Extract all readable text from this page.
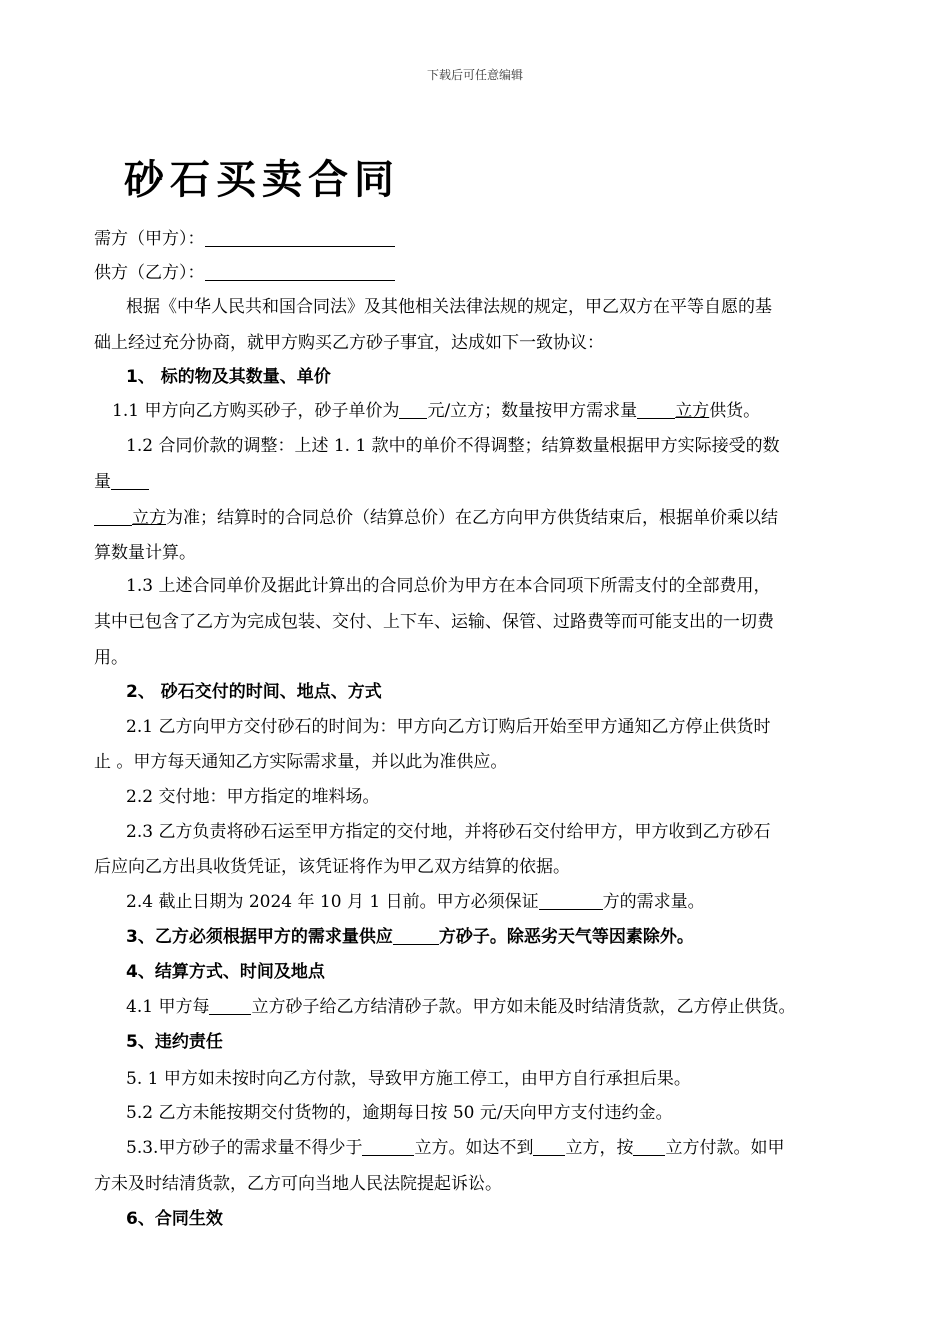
下载后可任意编辑
砂石买卖合同
需方（甲方）：
供方（乙方）：
根据《中华人民共和国合同法》及其他相关法律法规的规定，甲乙双方在平等自愿的基
础上经过充分协商，就甲方购买乙方砂子事宜，达成如下一致协议：
1、 标的物及其数量、单价
1.1 甲方向乙方购买砂子，砂子单价为 元/立方；数量按甲方需求量 立方供货。
1.2 合同价款的调整：上述 1. 1 款中的单价不得调整；结算数量根据甲方实际接受的数
量
立方为准；结算时的合同总价（结算总价）在乙方向甲方供货结束后，根据单价乘以结
算数量计算。
1.3 上述合同单价及据此计算出的合同总价为甲方在本合同项下所需支付的全部费用，
其中已包含了乙方为完成包装、交付、上下车、运输、保管、过路费等而可能支出的一切费
用。
2、 砂石交付的时间、地点、方式
2.1 乙方向甲方交付砂石的时间为：甲方向乙方订购后开始至甲方通知乙方停止供货时
止 。甲方每天通知乙方实际需求量，并以此为准供应。
2.2 交付地：甲方指定的堆料场。
2.3 乙方负责将砂石运至甲方指定的交付地，并将砂石交付给甲方，甲方收到乙方砂石
后应向乙方出具收货凭证，该凭证将作为甲乙双方结算的依据。
2.4 截止日期为 2024 年 10 月 1 日前。甲方必须保证	方的需求量。
3、乙方必须根据甲方的需求量供应	方砂子。除恶劣天气等因素除外。
4、结算方式、时间及地点
4.1 甲方每 立方砂子给乙方结清砂子款。甲方如未能及时结清货款，乙方停止供货。
5、违约责任
5. 1 甲方如未按时向乙方付款，导致甲方施工停工，由甲方自行承担后果。
5.2 乙方未能按期交付货物的，逾期每日按 50 元/天向甲方支付违约金。
5.3.甲方砂子的需求量不得少于	立方。如达不到 立方，按 立方付款。如甲
方未及时结清货款，乙方可向当地人民法院提起诉讼。
6、合同生效
